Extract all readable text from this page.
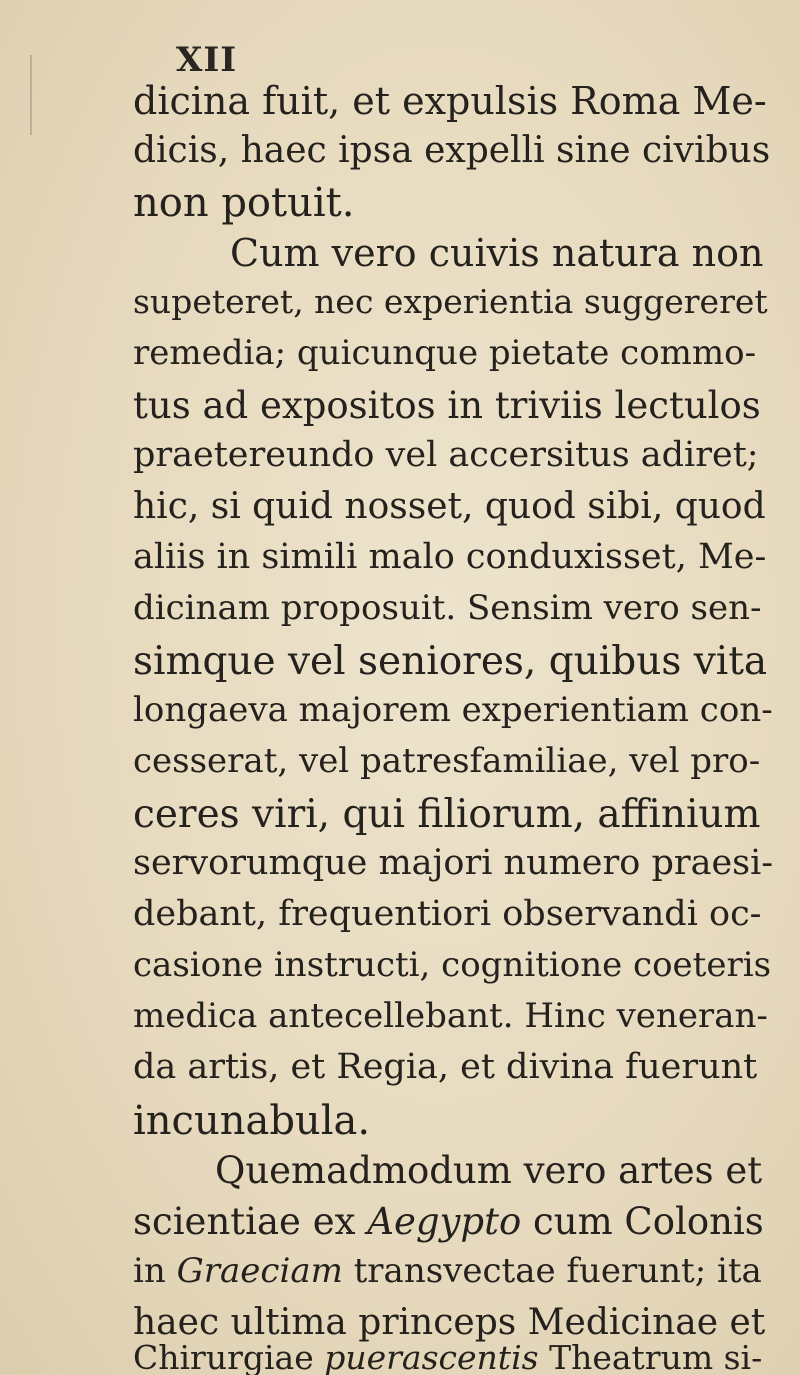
XII
dicina fuit, et expulsis Roma Me-
dicis, haec ipsa expelli sine civibus
non potuit.
Cum vero cuivis natura non
supeteret, nec experientia suggereret
remedia; quicunque pietate commo-
tus ad expositos in triviis lectulos
praetereundo vel accersitus adiret;
hic, si quid nosset, quod sibi, quod
aliis in simili malo conduxisset, Me-
dicinam proposuit. Sensim vero sen-
simque vel seniores, quibus vita
longaeva majorem experientiam con-
cesserat, vel patresfamiliae, vel pro-
ceres viri, qui filiorum, affinium
servorumque majori numero praesi-
debant, frequentiori observandi oc-
casione instructi, cognitione coeteris
medica antecellebant. Hinc veneran-
da artis, et Regia, et divina fuerunt
incunabula.
Quemadmodum vero artes et
scientiae ex Aegypto cum Colonis
in Graeciam transvectae fuerunt; ita
haec ultima princeps Medicinae et
Chirurgiae puerascentis Theatrum si-
